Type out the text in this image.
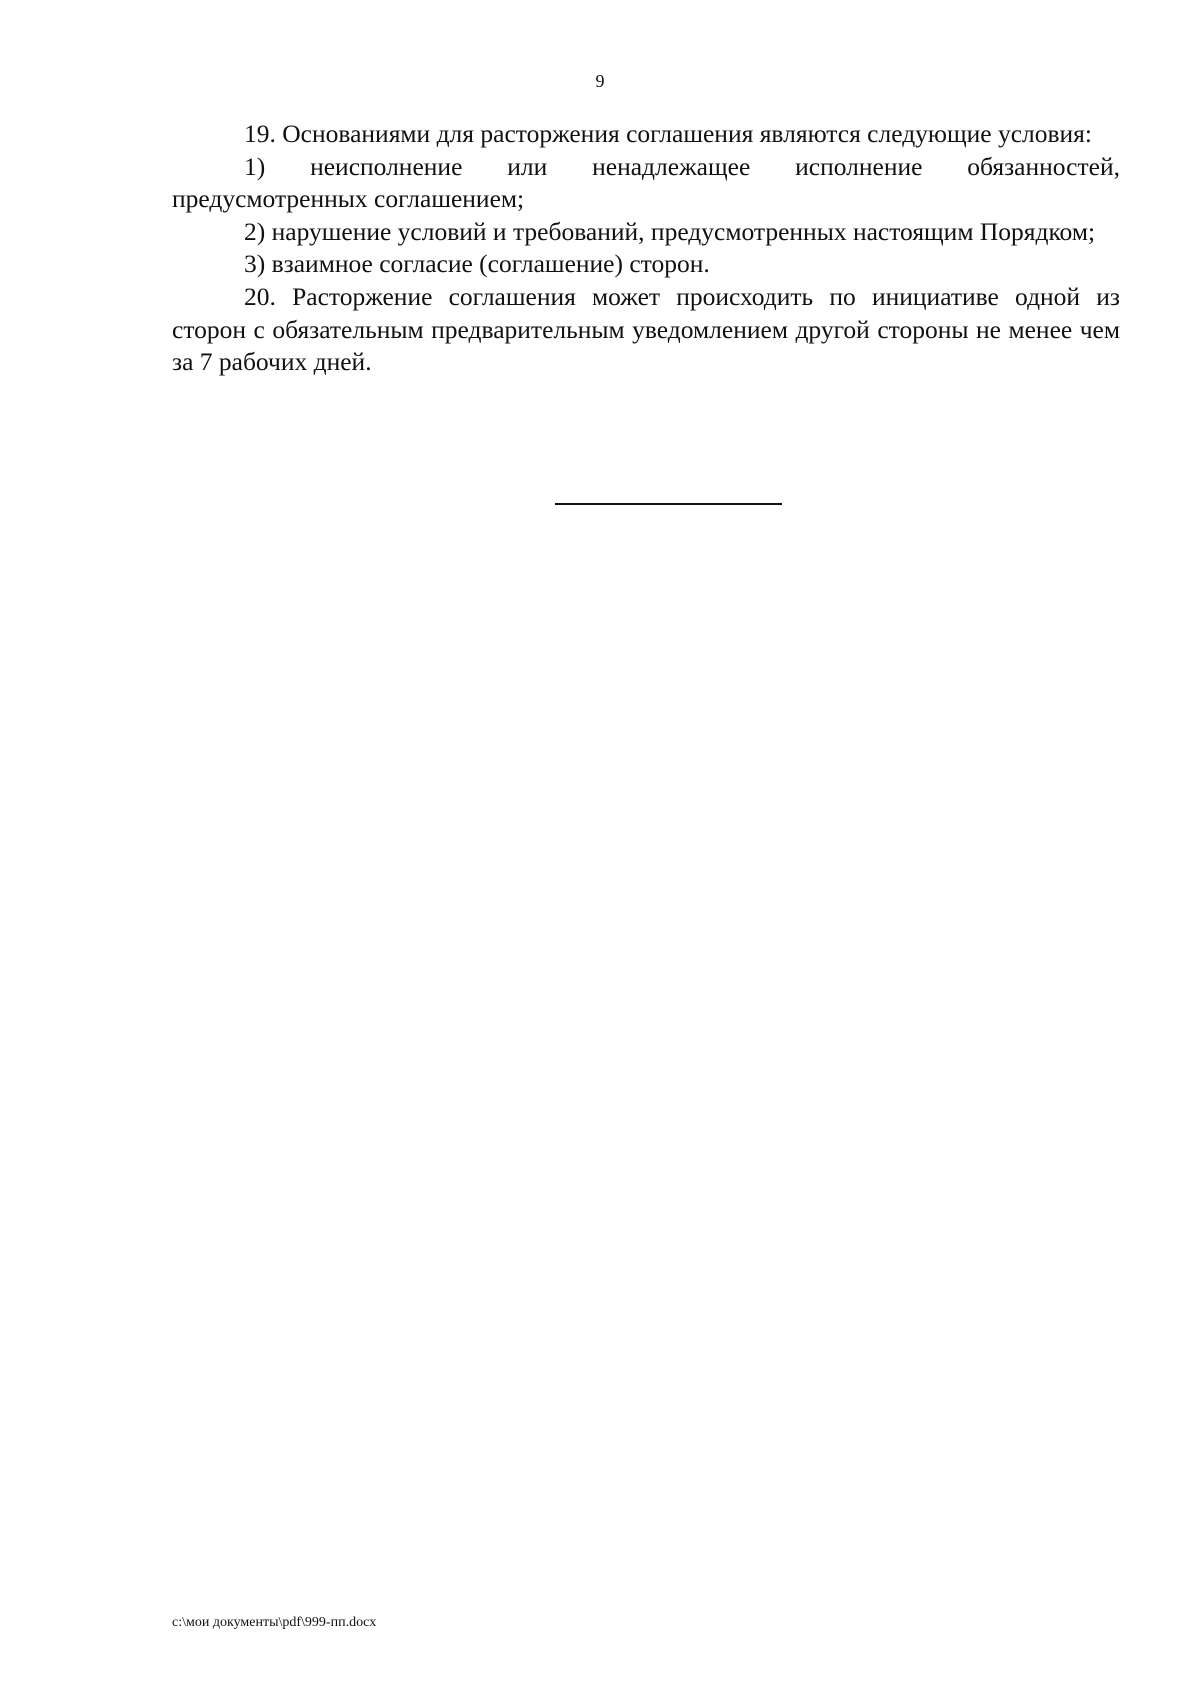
9

19. Основаниями для расторжения соглашения являются следующие условия:

1) неисполнение или ненадлежащее исполнение обязанностей, предусмотренных соглашением;

2) нарушение условий и требований, предусмотренных настоящим Порядком;

3) взаимное согласие (соглашение) сторон.

20. Расторжение соглашения может происходить по инициативе одной из сторон с обязательным предварительным уведомлением другой стороны не менее чем за 7 рабочих дней.

c:\мои документы\pdf\999-пп.docx
